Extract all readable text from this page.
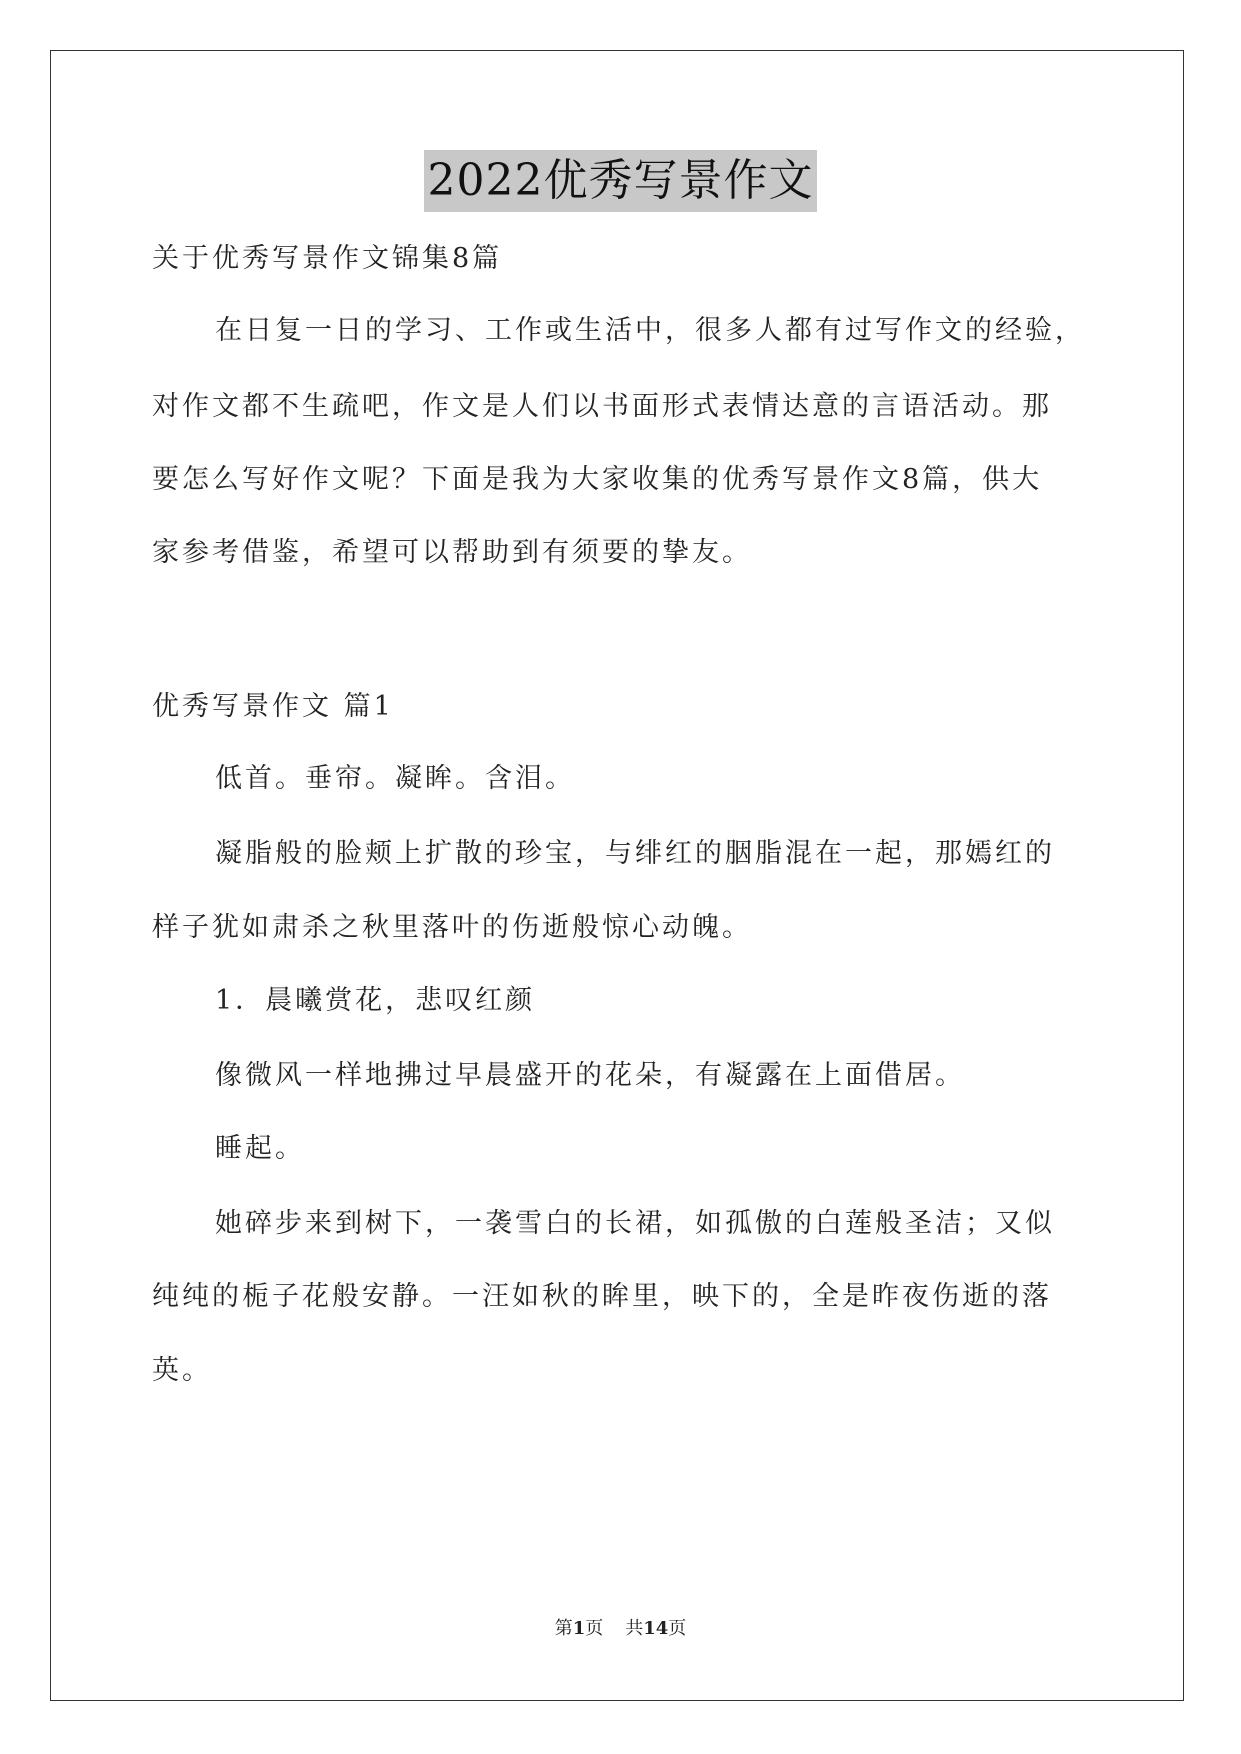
2022优秀写景作文
关于优秀写景作文锦集8篇
在日复一日的学习、工作或生活中，很多人都有过写作文的经验，
对作文都不生疏吧，作文是人们以书面形式表情达意的言语活动。那
要怎么写好作文呢？下面是我为大家收集的优秀写景作文8篇，供大
家参考借鉴，希望可以帮助到有须要的挚友。
优秀写景作文 篇1
低首。垂帘。凝眸。含泪。
凝脂般的脸颊上扩散的珍宝，与绯红的胭脂混在一起，那嫣红的
样子犹如肃杀之秋里落叶的伤逝般惊心动魄。
1．晨曦赏花，悲叹红颜
像微风一样地拂过早晨盛开的花朵，有凝露在上面借居。
睡起。
她碎步来到树下，一袭雪白的长裙，如孤傲的白莲般圣洁；又似
纯纯的栀子花般安静。一汪如秋的眸里，映下的，全是昨夜伤逝的落
英。
第1页 共14页
